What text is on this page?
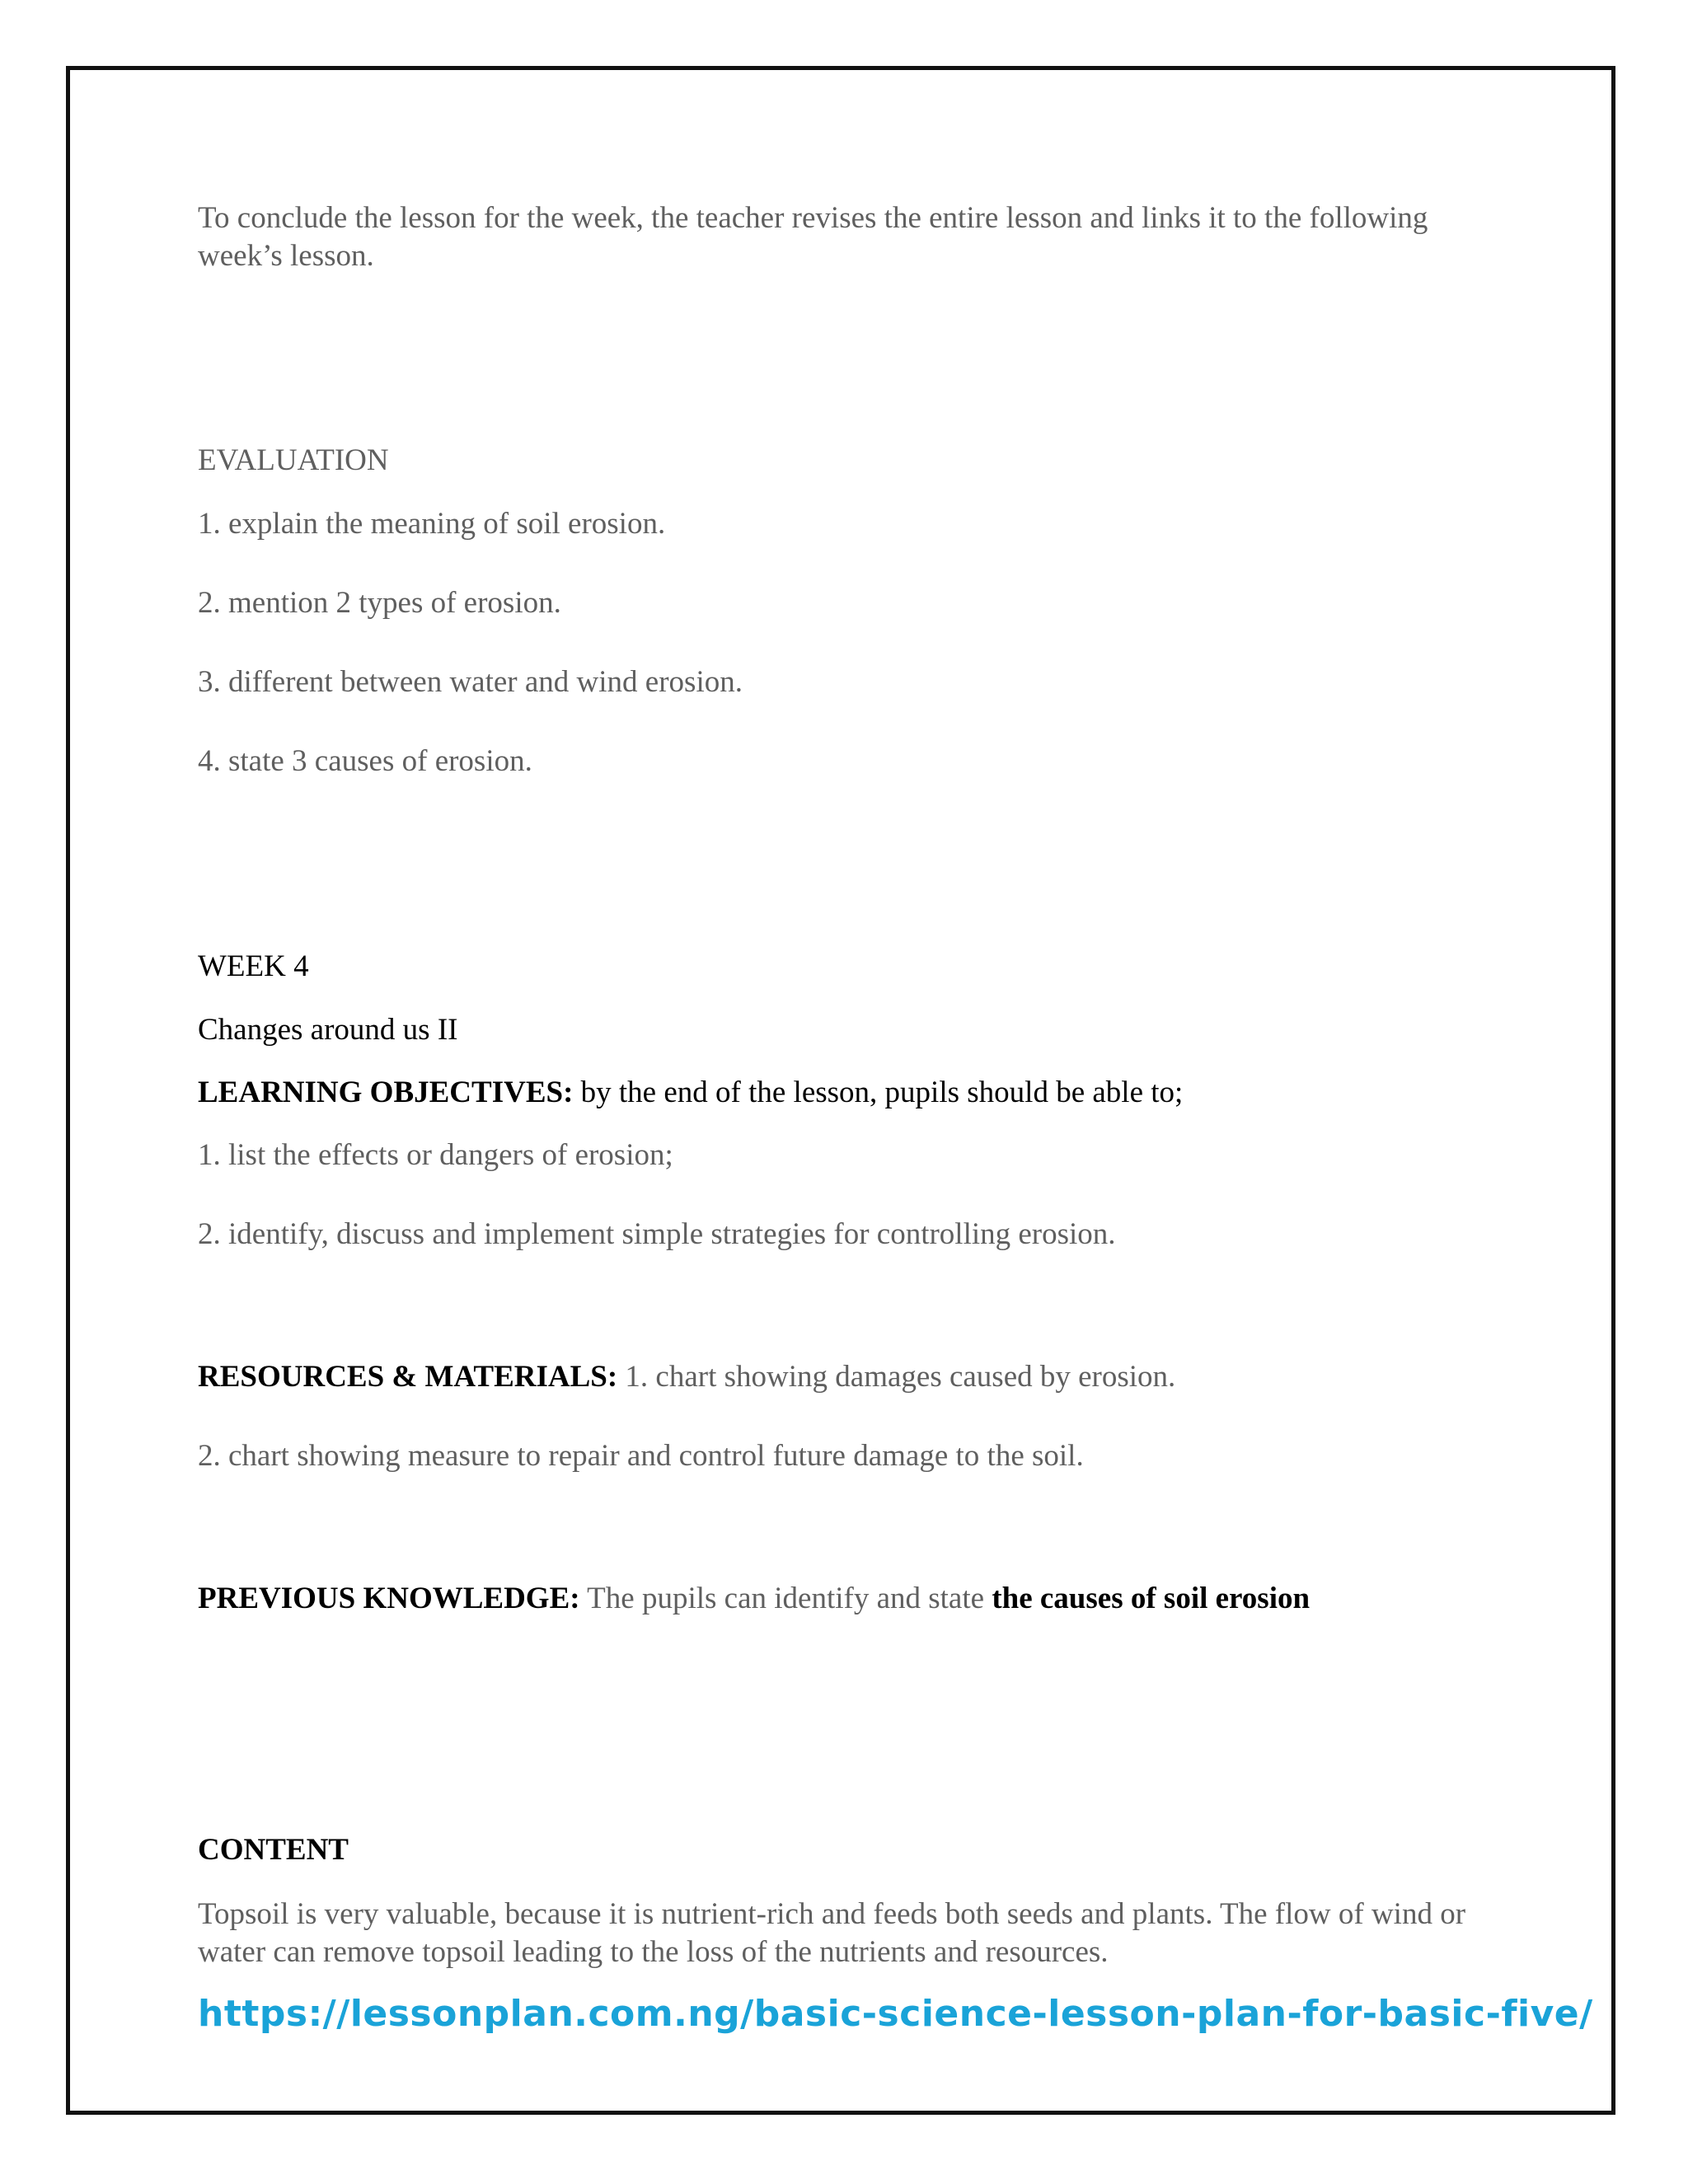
To conclude the lesson for the week, the teacher revises the entire lesson and links it to the following week’s lesson.

EVALUATION

1. explain the meaning of soil erosion.

2. mention 2 types of erosion.

3. different between water and wind erosion.

4. state 3 causes of erosion.

WEEK 4

Changes around us II

LEARNING OBJECTIVES: by the end of the lesson, pupils should be able to;

1. list the effects or dangers of erosion;

2. identify, discuss and implement simple strategies for controlling erosion.

RESOURCES & MATERIALS: 1. chart showing damages caused by erosion.

2. chart showing measure to repair and control future damage to the soil.

PREVIOUS KNOWLEDGE: The pupils can identify and state the causes of soil erosion

CONTENT

Topsoil is very valuable, because it is nutrient-rich and feeds both seeds and plants. The flow of wind or water can remove topsoil leading to the loss of the nutrients and resources.

https://lessonplan.com.ng/basic-science-lesson-plan-for-basic-five/
